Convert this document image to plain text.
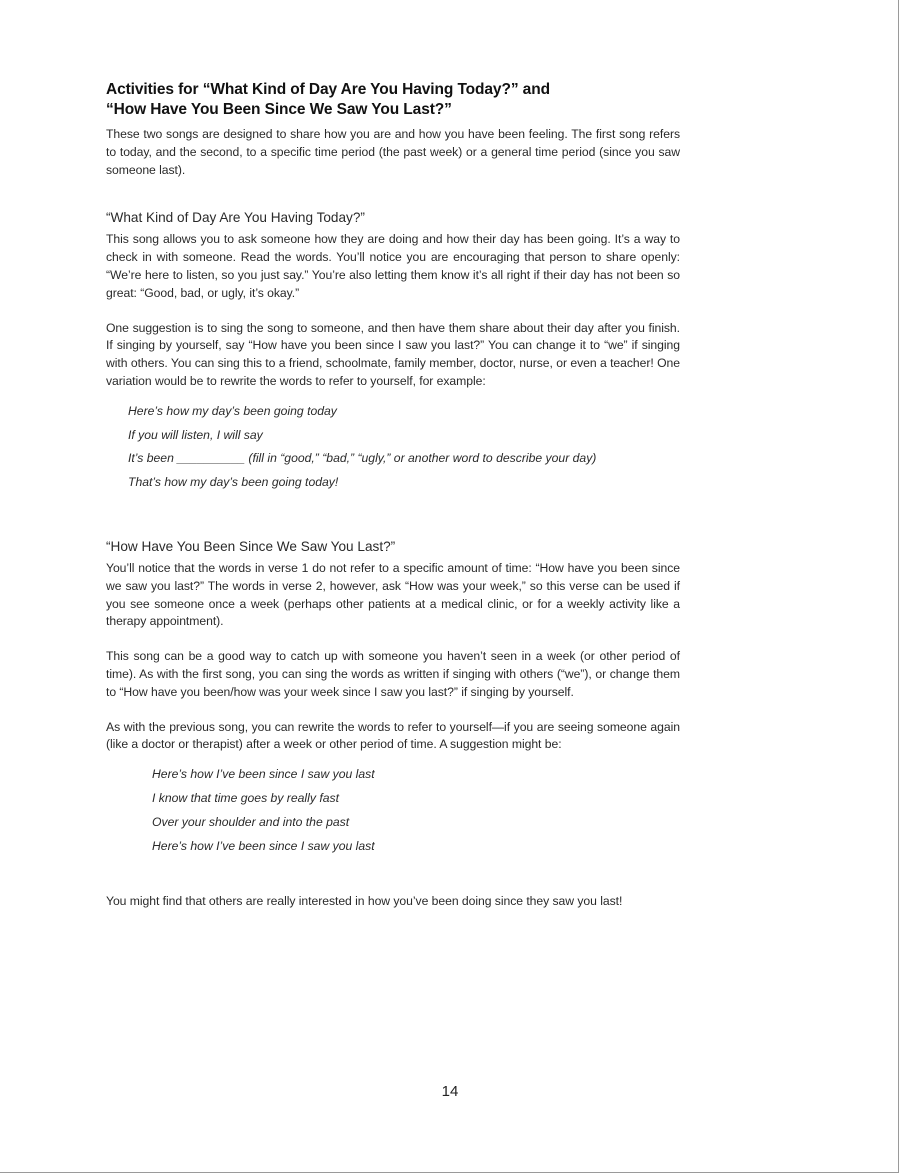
Activities for “What Kind of Day Are You Having Today?” and
“How Have You Been Since We Saw You Last?”

These two songs are designed to share how you are and how you have been feeling. The first song refers to today, and the second, to a specific time period (the past week) or a general time period (since you saw someone last).

“What Kind of Day Are You Having Today?”

This song allows you to ask someone how they are doing and how their day has been going. It’s a way to check in with someone. Read the words. You’ll notice you are encouraging that person to share openly: “We’re here to listen, so you just say.” You’re also letting them know it’s all right if their day has not been so great: “Good, bad, or ugly, it’s okay.”

One suggestion is to sing the song to someone, and then have them share about their day after you finish. If singing by yourself, say “How have you been since I saw you last?” You can change it to “we” if singing with others. You can sing this to a friend, schoolmate, family member, doctor, nurse, or even a teacher! One variation would be to rewrite the words to refer to yourself, for example:

Here’s how my day’s been going today
If you will listen, I will say
It’s been __________ (fill in “good,” “bad,” “ugly,” or another word to describe your day)
That’s how my day’s been going today!
“How Have You Been Since We Saw You Last?”

You’ll notice that the words in verse 1 do not refer to a specific amount of time: “How have you been since we saw you last?” The words in verse 2, however, ask “How was your week,” so this verse can be used if you see someone once a week (perhaps other patients at a medical clinic, or for a weekly activity like a therapy appointment).

This song can be a good way to catch up with someone you haven’t seen in a week (or other period of time). As with the first song, you can sing the words as written if singing with others (“we”), or change them to “How have you been/how was your week since I saw you last?” if singing by yourself.

As with the previous song, you can rewrite the words to refer to yourself—if you are seeing someone again (like a doctor or therapist) after a week or other period of time. A suggestion might be:

Here’s how I’ve been since I saw you last
I know that time goes by really fast
Over your shoulder and into the past
Here’s how I’ve been since I saw you last

You might find that others are really interested in how you’ve been doing since they saw you last!

14
